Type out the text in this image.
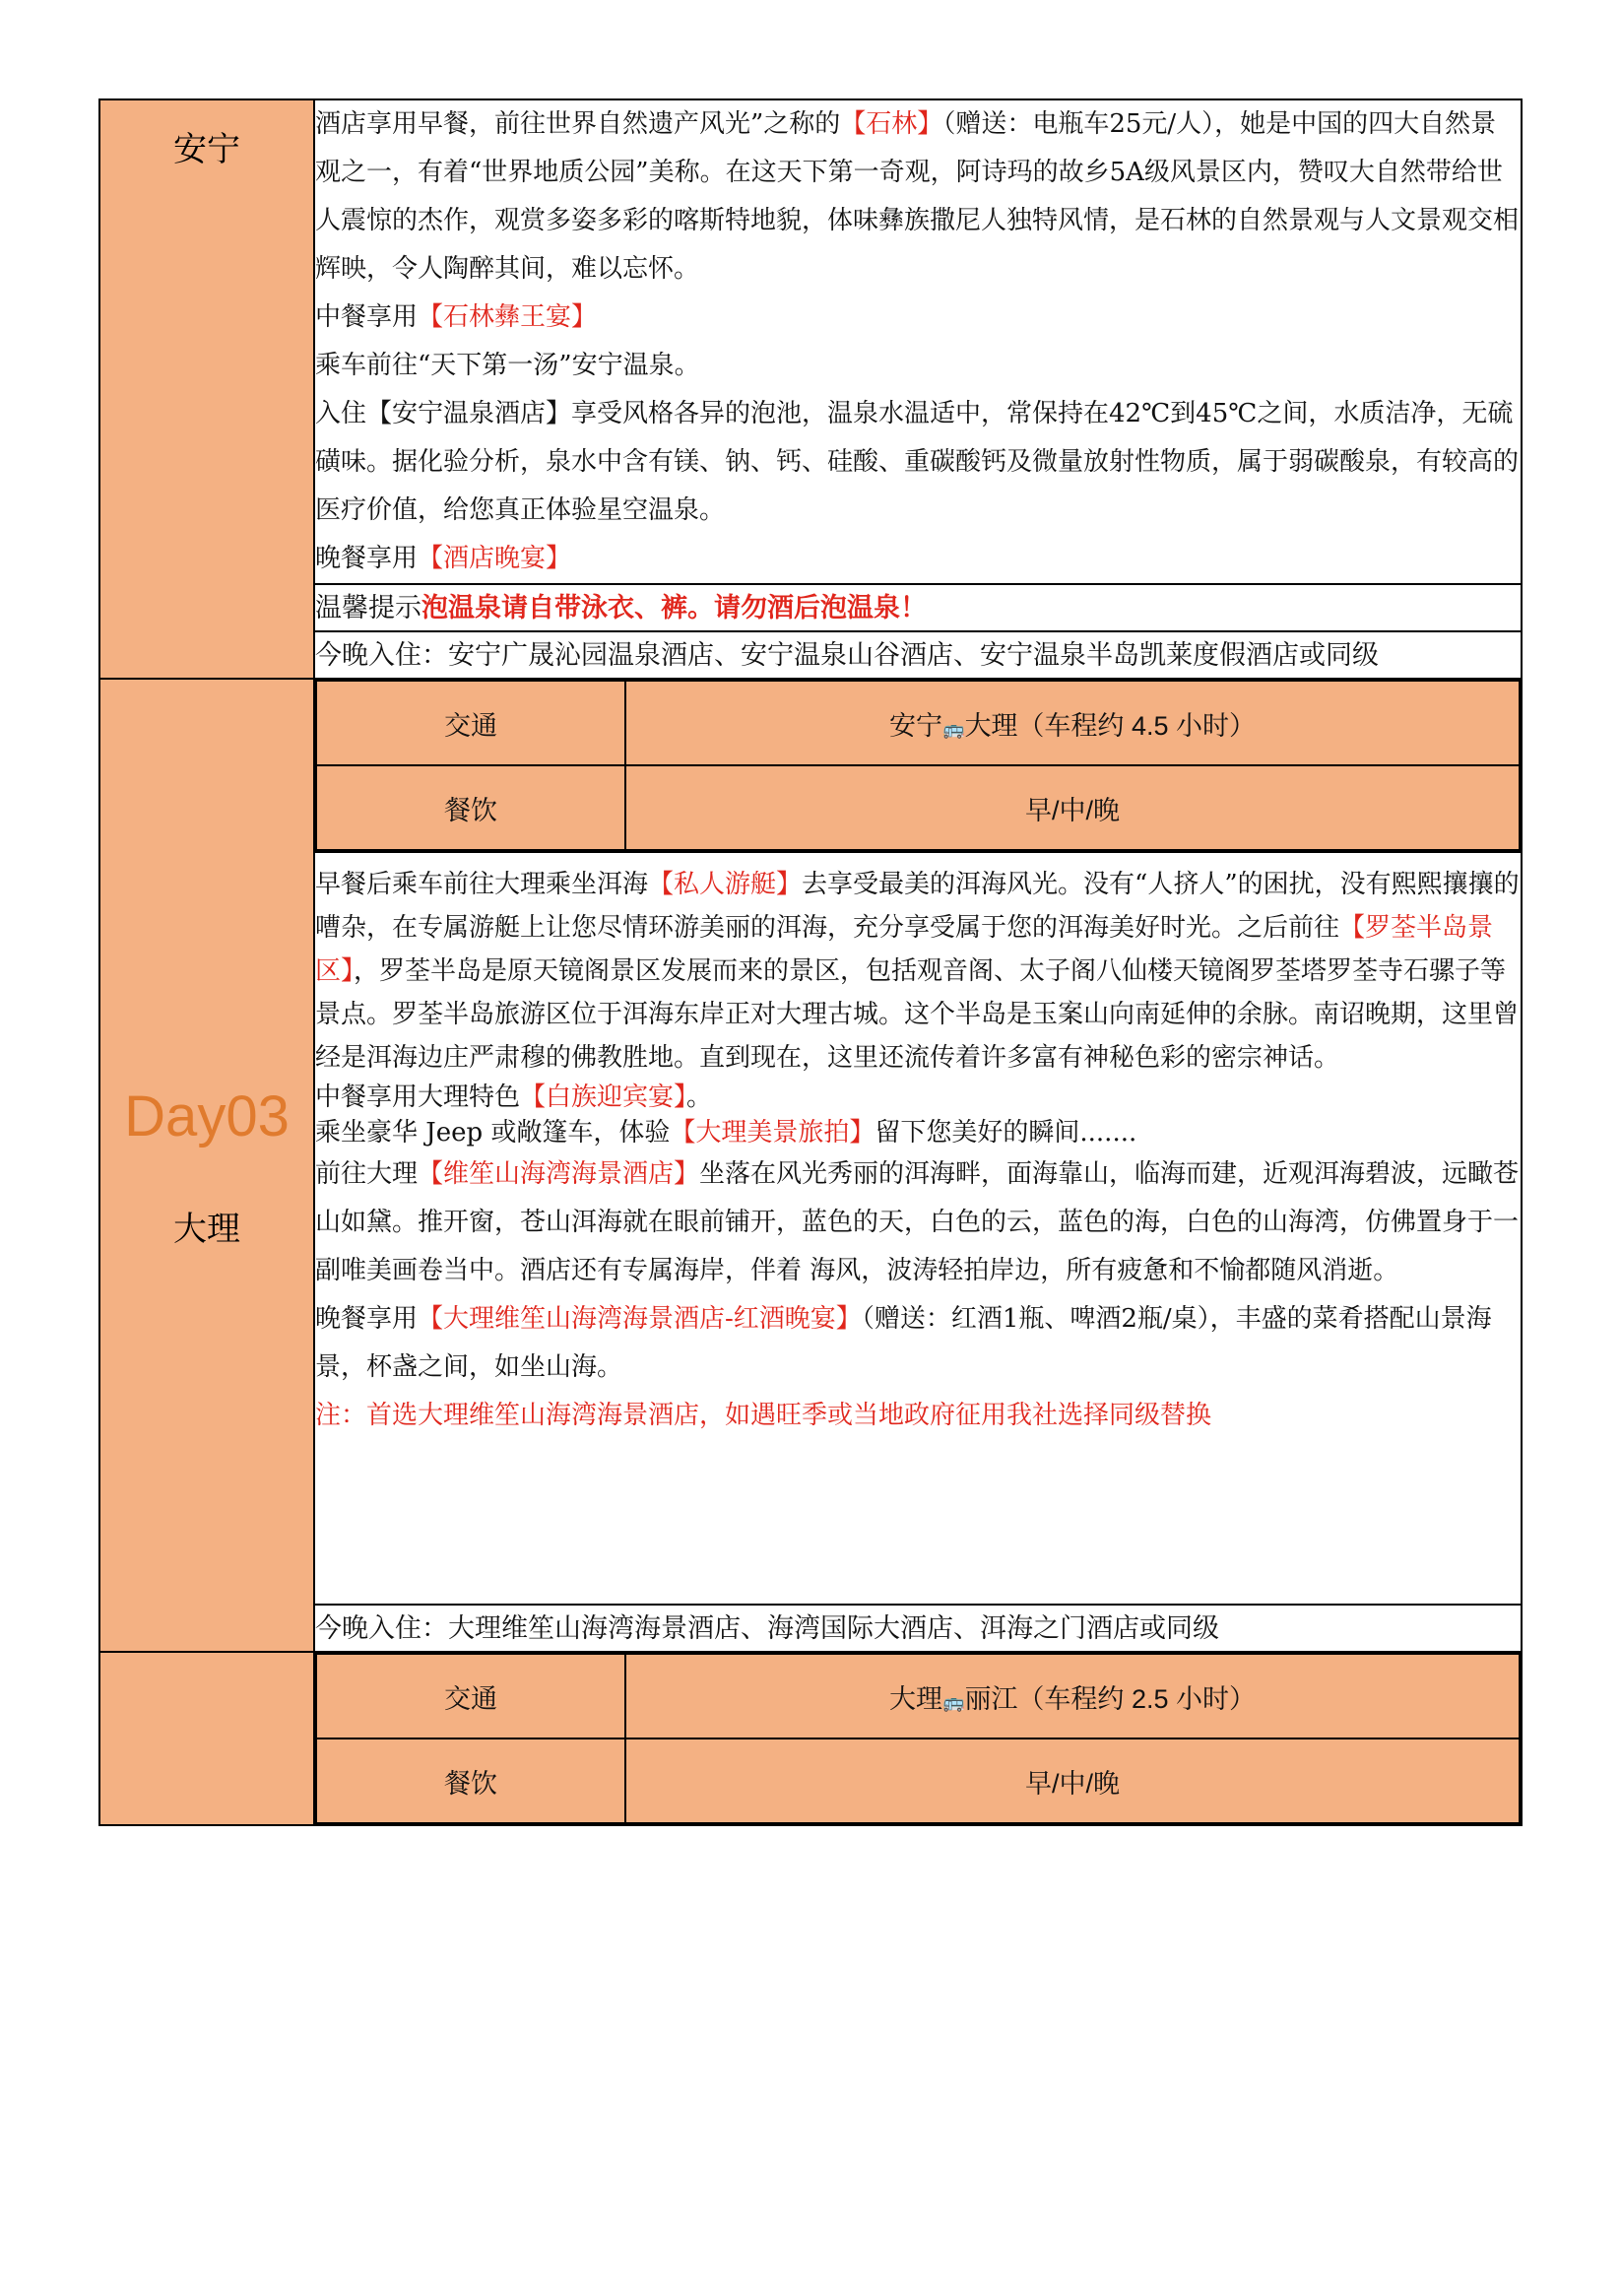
安宁

酒店享用早餐，前往世界自然遗产风光”之称的【石林】（赠送：电瓶车25元/人），她是中国的四大自然景观之一，有着“世界地质公园”美称。在这天下第一奇观，阿诗玛的故乡5A级风景区内，赞叹大自然带给世人震惊的杰作，观赏多姿多彩的喀斯特地貌，体味彝族撒尼人独特风情，是石林的自然景观与人文景观交相辉映，令人陶醉其间，难以忘怀。

中餐享用【石林彝王宴】

乘车前往“天下第一汤”安宁温泉。

入住【安宁温泉酒店】享受风格各异的泡池，温泉水温适中，常保持在42℃到45℃之间，水质洁净，无硫磺味。据化验分析，泉水中含有镁、钠、钙、硅酸、重碳酸钙及微量放射性物质，属于弱碳酸泉，有较高的医疗价值，给您真正体验星空温泉。

晚餐享用【酒店晚宴】

温馨提示泡温泉请自带泳衣、裤。请勿酒后泡温泉！
今晚入住：安宁广晟沁园温泉酒店、安宁温泉山谷酒店、安宁温泉半岛凯莱度假酒店或同级

Day03
大理

交通	安宁🚌大理（车程约 4.5 小时）
餐饮	早/中/晚

早餐后乘车前往大理乘坐洱海【私人游艇】去享受最美的洱海风光。没有“人挤人”的困扰，没有熙熙攘攘的嘈杂，在专属游艇上让您尽情环游美丽的洱海，充分享受属于您的洱海美好时光。之后前往【罗荃半岛景区】，罗荃半岛是原天镜阁景区发展而来的景区，包括观音阁、太子阁八仙楼天镜阁罗荃塔罗荃寺石骡子等景点。罗荃半岛旅游区位于洱海东岸正对大理古城。这个半岛是玉案山向南延伸的余脉。南诏晚期，这里曾经是洱海边庄严肃穆的佛教胜地。直到现在，这里还流传着许多富有神秘色彩的密宗神话。

中餐享用大理特色【白族迎宾宴】。

乘坐豪华 Jeep 或敞篷车，体验【大理美景旅拍】留下您美好的瞬间.......

前往大理【维笙山海湾海景酒店】坐落在风光秀丽的洱海畔，面海靠山，临海而建，近观洱海碧波，远瞰苍山如黛。推开窗，苍山洱海就在眼前铺开，蓝色的天，白色的云，蓝色的海，白色的山海湾，仿佛置身于一副唯美画卷当中。酒店还有专属海岸，伴着 海风，波涛轻拍岸边，所有疲惫和不愉都随风消逝。

晚餐享用【大理维笙山海湾海景酒店-红酒晚宴】（赠送：红酒1瓶、啤酒2瓶/桌），丰盛的菜肴搭配山景海景，杯盏之间，如坐山海。

注：首选大理维笙山海湾海景酒店，如遇旺季或当地政府征用我社选择同级替换

今晚入住：大理维笙山海湾海景酒店、海湾国际大酒店、洱海之门酒店或同级

交通	大理🚌丽江（车程约 2.5 小时）
餐饮	早/中/晚
